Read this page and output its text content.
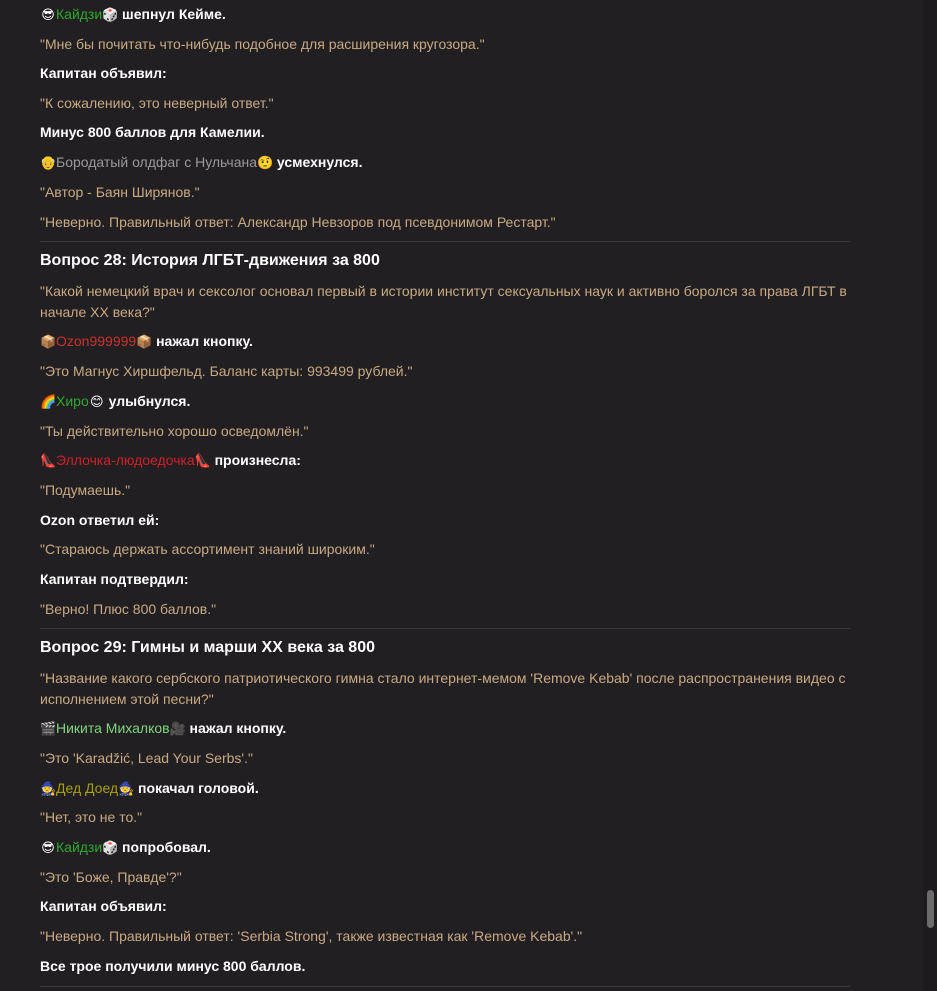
😎Кайдзи🎲 шепнул Кейме.
"Мне бы почитать что-нибудь подобное для расширения кругозора."
Капитан объявил:
"К сожалению, это неверный ответ."
Минус 800 баллов для Камелии.
👴Бородатый олдфаг с Нульчана🤨 усмехнулся.
"Автор - Баян Ширянов."
"Неверно. Правильный ответ: Александр Невзоров под псевдонимом Рестарт."
Вопрос 28: История ЛГБТ-движения за 800
"Какой немецкий врач и сексолог основал первый в истории институт сексуальных наук и активно боролся за права ЛГБТ в начале XX века?"
📦Ozon999999📦 нажал кнопку.
"Это Магнус Хиршфельд. Баланс карты: 993499 рублей."
🌈Хиро😊 улыбнулся.
"Ты действительно хорошо осведомлён."
👠Эллочка-людоедочка👠 произнесла:
"Подумаешь."
Ozon ответил ей:
"Стараюсь держать ассортимент знаний широким."
Капитан подтвердил:
"Верно! Плюс 800 баллов."
Вопрос 29: Гимны и марши XX века за 800
"Название какого сербского патриотического гимна стало интернет-мемом 'Remove Kebab' после распространения видео с исполнением этой песни?"
🎬Никита Михалков🎥 нажал кнопку.
"Это 'Karadžić, Lead Your Serbs'."
🧙Дед Доед🧙 покачал головой.
"Нет, это не то."
😎Кайдзи🎲 попробовал.
"Это 'Боже, Правде'?"
Капитан объявил:
"Неверно. Правильный ответ: 'Serbia Strong', также известная как 'Remove Kebab'."
Все трое получили минус 800 баллов.
